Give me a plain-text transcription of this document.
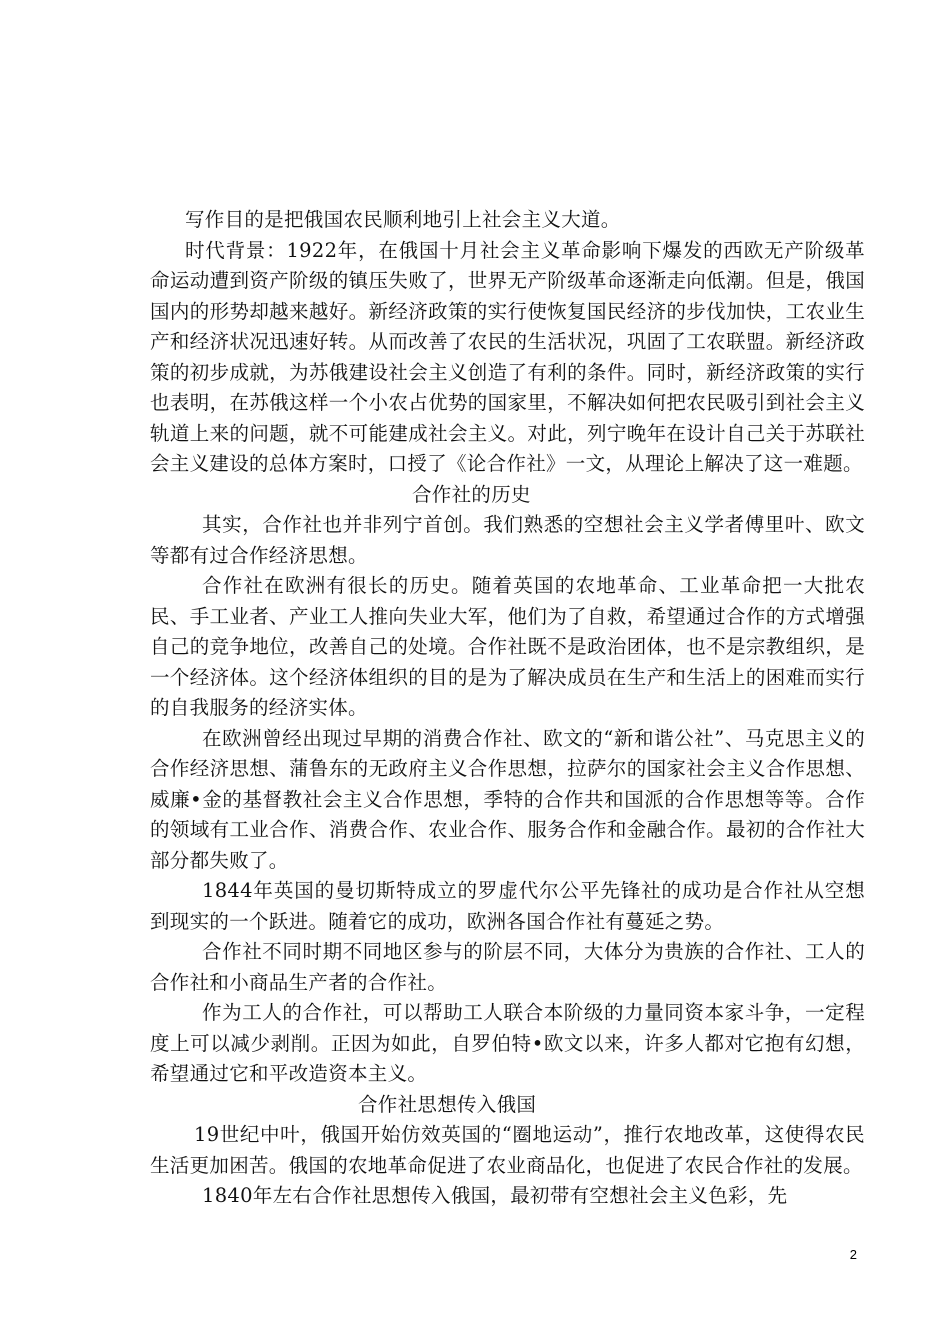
写作目的是把俄国农民顺利地引上社会主义大道。

时代背景：1922年，在俄国十月社会主义革命影响下爆发的西欧无产阶级革命运动遭到资产阶级的镇压失败了，世界无产阶级革命逐渐走向低潮。但是，俄国国内的形势却越来越好。新经济政策的实行使恢复国民经济的步伐加快，工农业生产和经济状况迅速好转。从而改善了农民的生活状况，巩固了工农联盟。新经济政策的初步成就，为苏俄建设社会主义创造了有利的条件。同时，新经济政策的实行也表明，在苏俄这样一个小农占优势的国家里，不解决如何把农民吸引到社会主义轨道上来的问题，就不可能建成社会主义。对此，列宁晚年在设计自己关于苏联社会主义建设的总体方案时，口授了《论合作社》一文，从理论上解决了这一难题。

合作社的历史

其实，合作社也并非列宁首创。我们熟悉的空想社会主义学者傅里叶、欧文等都有过合作经济思想。

合作社在欧洲有很长的历史。随着英国的农地革命、工业革命把一大批农民、手工业者、产业工人推向失业大军，他们为了自救，希望通过合作的方式增强自己的竞争地位，改善自己的处境。合作社既不是政治团体，也不是宗教组织，是一个经济体。这个经济体组织的目的是为了解决成员在生产和生活上的困难而实行的自我服务的经济实体。

在欧洲曾经出现过早期的消费合作社、欧文的“新和谐公社”、马克思主义的合作经济思想、蒲鲁东的无政府主义合作思想，拉萨尔的国家社会主义合作思想、威廉•金的基督教社会主义合作思想，季特的合作共和国派的合作思想等等。合作的领域有工业合作、消费合作、农业合作、服务合作和金融合作。最初的合作社大部分都失败了。

1844年英国的曼切斯特成立的罗虚代尔公平先锋社的成功是合作社从空想到现实的一个跃进。随着它的成功，欧洲各国合作社有蔓延之势。

合作社不同时期不同地区参与的阶层不同，大体分为贵族的合作社、工人的合作社和小商品生产者的合作社。

作为工人的合作社，可以帮助工人联合本阶级的力量同资本家斗争，一定程度上可以减少剥削。正因为如此，自罗伯特•欧文以来，许多人都对它抱有幻想，希望通过它和平改造资本主义。

合作社思想传入俄国

19世纪中叶，俄国开始仿效英国的“圈地运动”，推行农地改革，这使得农民生活更加困苦。俄国的农地革命促进了农业商品化，也促进了农民合作社的发展。

1840年左右合作社思想传入俄国，最初带有空想社会主义色彩，先

2
